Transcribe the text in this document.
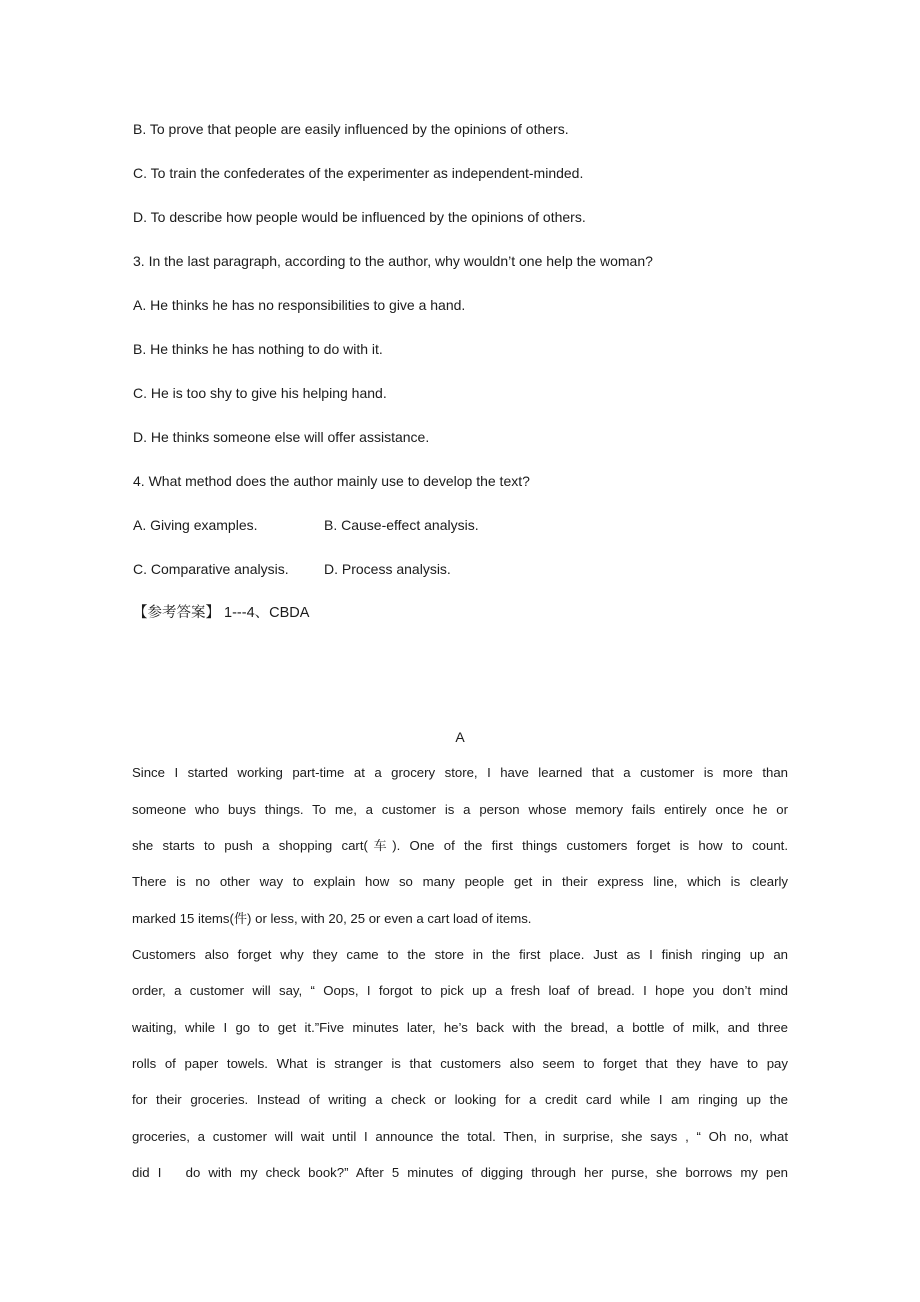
B. To prove that people are easily influenced by the opinions of others.
C. To train the confederates of the experimenter as independent-minded.
D. To describe how people would be influenced by the opinions of others.
3. In the last paragraph, according to the author, why wouldn’t one help the woman?
A. He thinks he has no responsibilities to give a hand.
B. He thinks he has nothing to do with it.
C. He is too shy to give his helping hand.
D. He thinks someone else will offer assistance.
4. What method does the author mainly use to develop the text?
A. Giving examples.	B. Cause-effect analysis.
C. Comparative analysis.	D. Process analysis.
【参考答案】 1---4、CBDA
A
Since I started working part-time at a grocery store, I have learned that a customer is more than
someone who buys things. To me, a customer is a person whose memory fails entirely once he or
she starts to push a shopping cart(车). One of the first things customers forget is how to count.
There is no other way to explain how so many people get in their express line, which is clearly
marked 15 items(件) or less, with 20, 25 or even a cart load of items.
Customers also forget why they came to the store in the first place. Just as I finish ringing up an
order, a customer will say, “ Oops, I forgot to pick up a fresh loaf of bread. I hope you don’t mind
waiting, while I go to get it.”Five minutes later, he’s back with the bread, a bottle of milk, and three
rolls of paper towels. What is stranger is that customers also seem to forget that they have to pay
for their groceries. Instead of writing a check or looking for a credit card while I am ringing up the
groceries, a customer will wait until I announce the total. Then, in surprise, she says , “ Oh no, what
did I   do with my check book?” After 5 minutes of digging through her purse, she borrows my pen
